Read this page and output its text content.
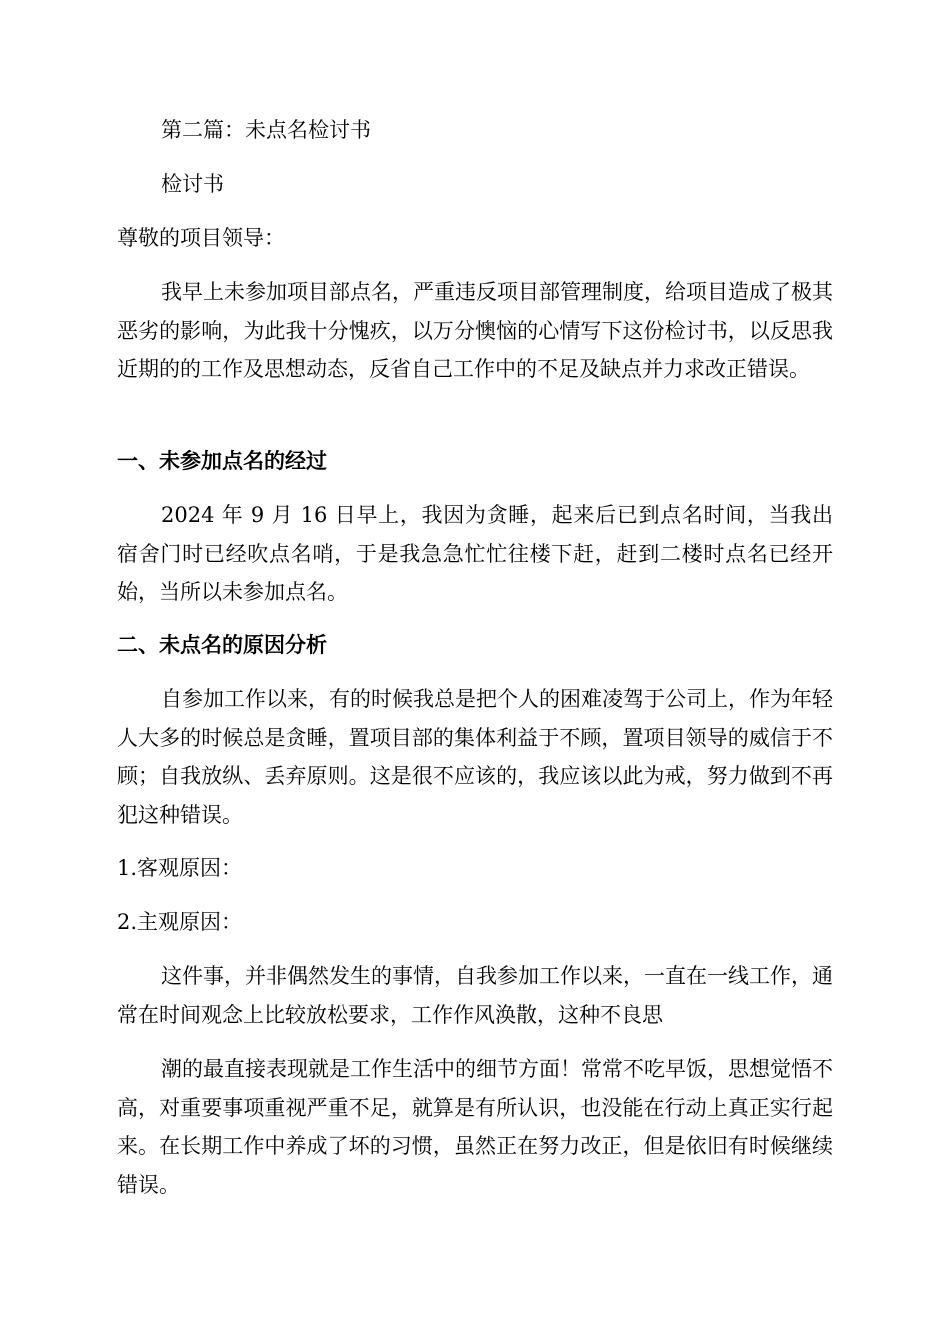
第二篇：未点名检讨书
检讨书
尊敬的项目领导：
我早上未参加项目部点名，严重违反项目部管理制度，给项目造成了极其恶劣的影响，为此我十分愧疚，以万分懊恼的心情写下这份检讨书，以反思我近期的的工作及思想动态，反省自己工作中的不足及缺点并力求改正错误。
一、未参加点名的经过
2024 年 9 月 16 日早上，我因为贪睡，起来后已到点名时间，当我出宿舍门时已经吹点名哨，于是我急急忙忙往楼下赶，赶到二楼时点名已经开始，当所以未参加点名。
二、未点名的原因分析
自参加工作以来，有的时候我总是把个人的困难凌驾于公司上，作为年轻人大多的时候总是贪睡，置项目部的集体利益于不顾，置项目领导的威信于不顾；自我放纵、丢弃原则。这是很不应该的，我应该以此为戒，努力做到不再犯这种错误。
1.客观原因：
2.主观原因：
这件事，并非偶然发生的事情，自我参加工作以来，一直在一线工作，通常在时间观念上比较放松要求，工作作风涣散，这种不良思
潮的最直接表现就是工作生活中的细节方面！常常不吃早饭，思想觉悟不高，对重要事项重视严重不足，就算是有所认识，也没能在行动上真正实行起来。在长期工作中养成了坏的习惯，虽然正在努力改正，但是依旧有时候继续错误。
